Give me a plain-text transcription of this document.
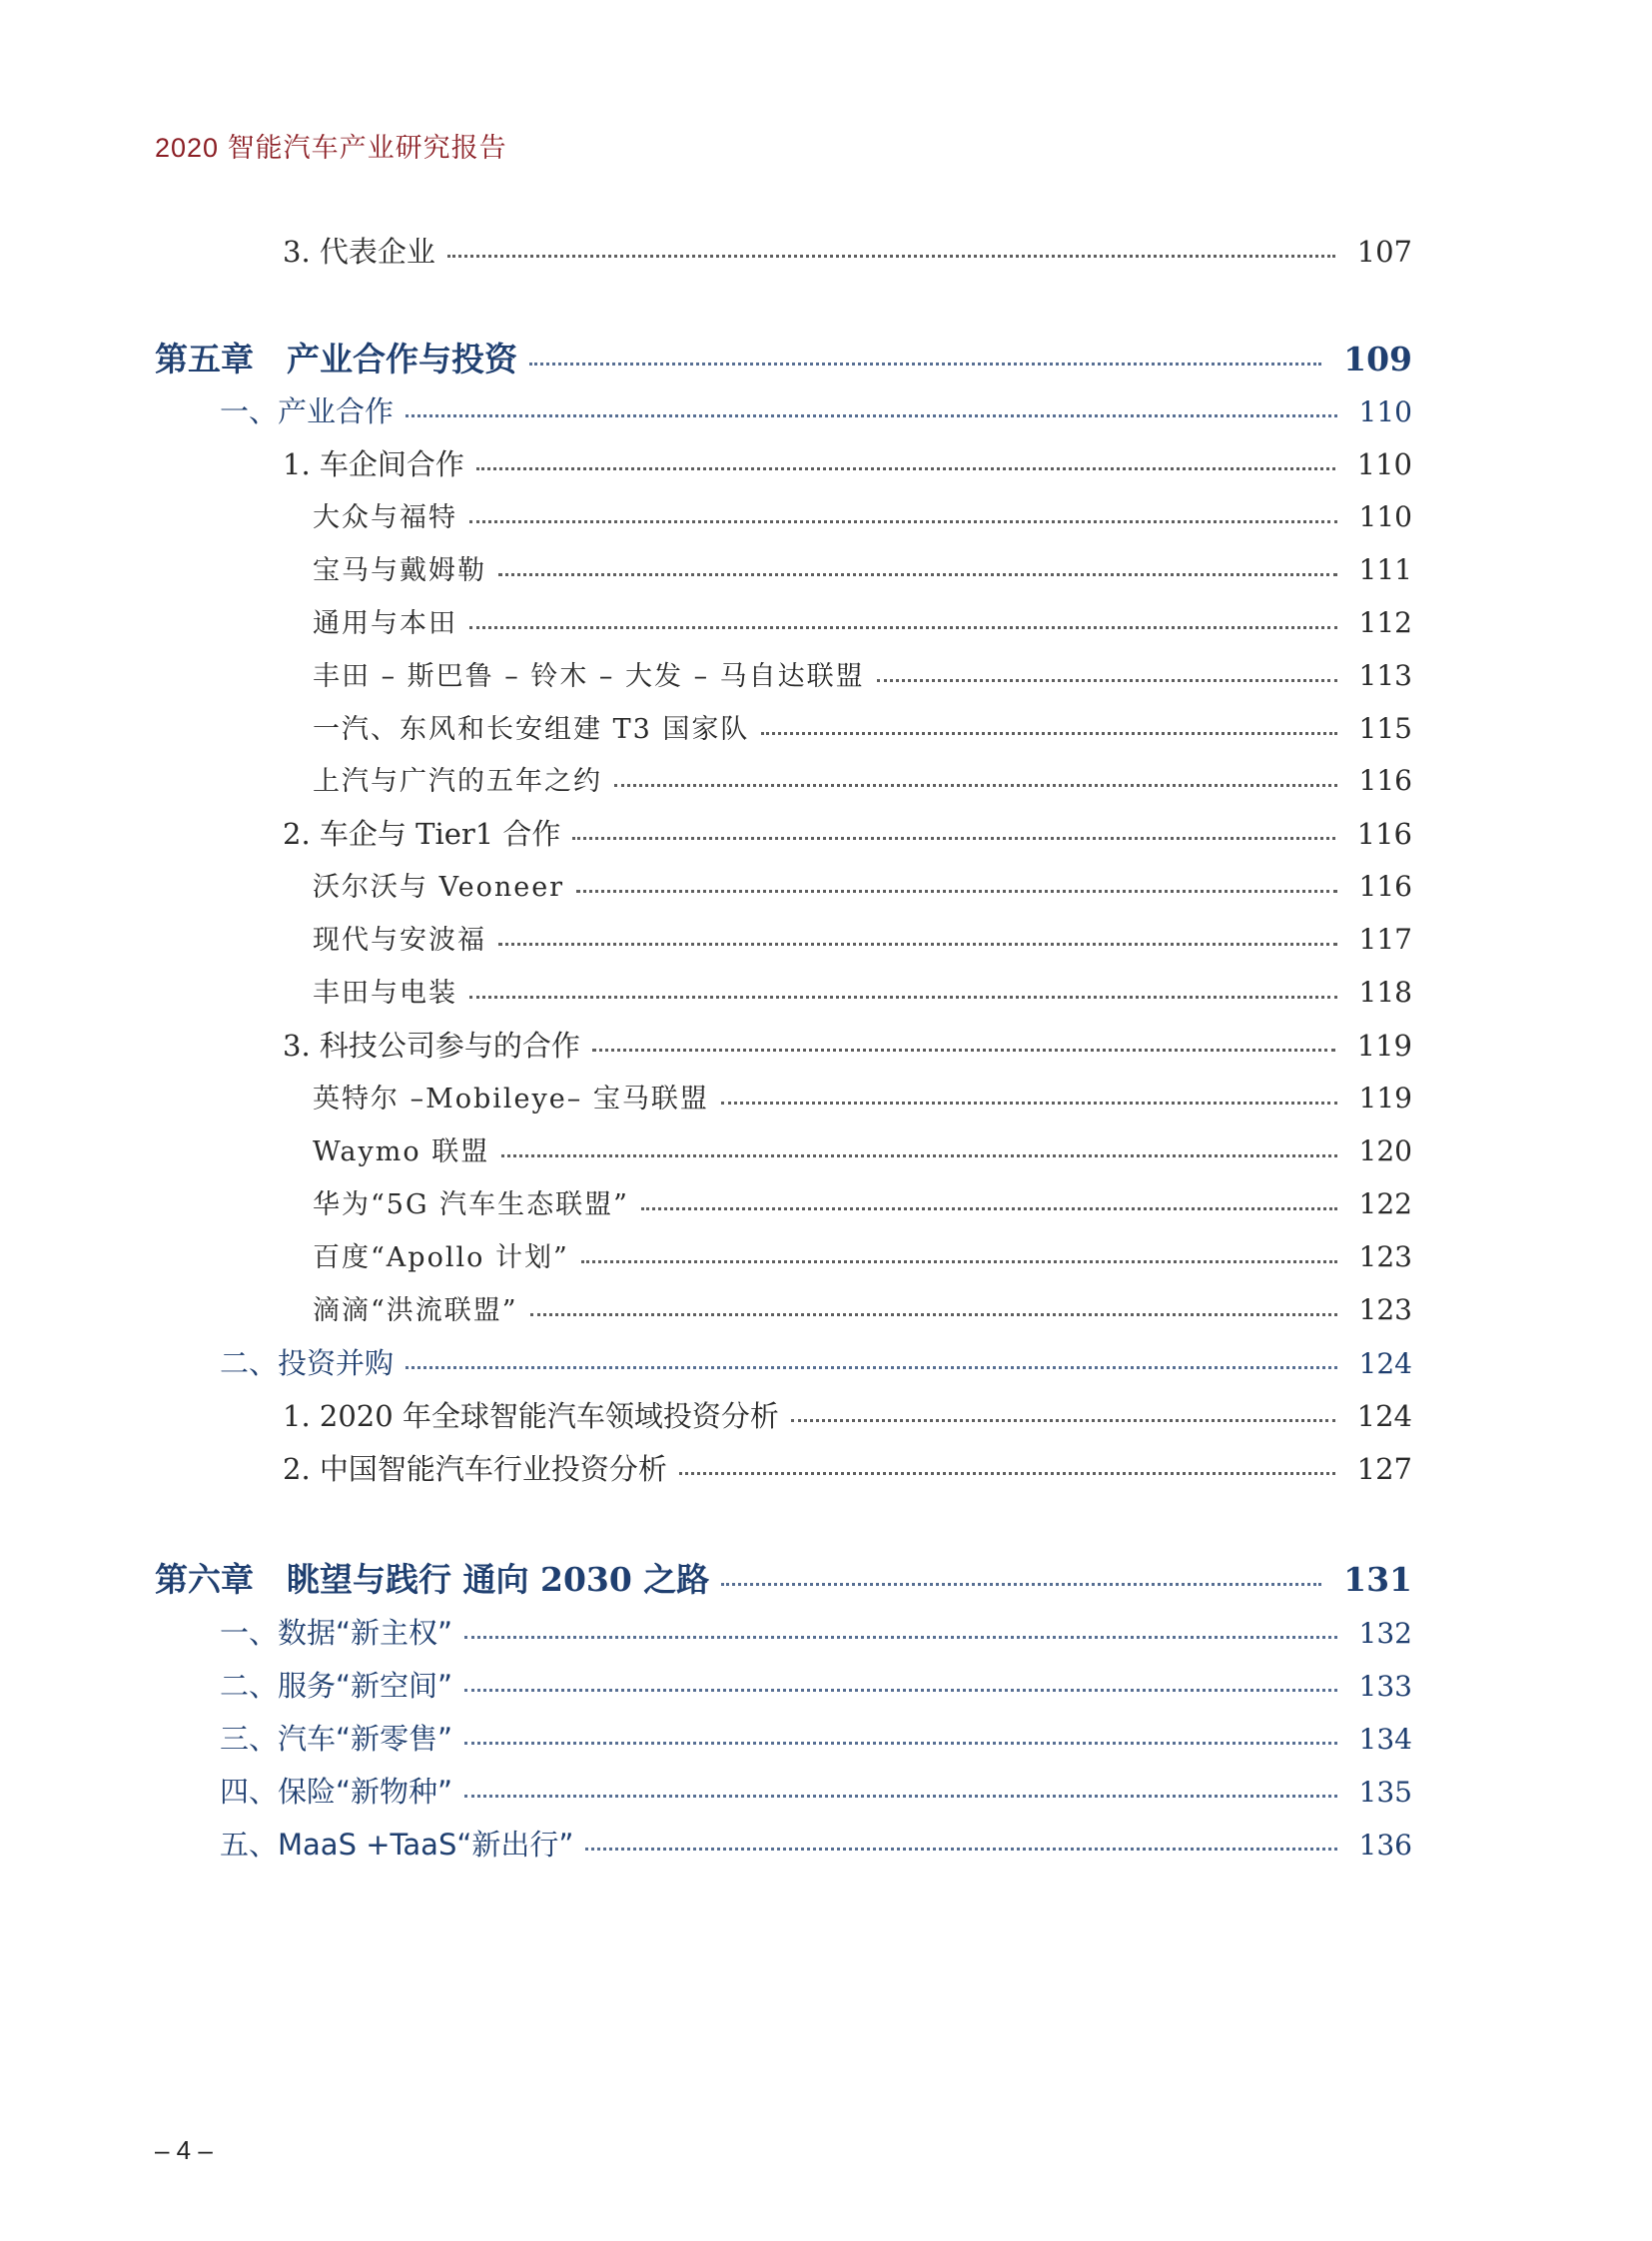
2020 智能汽车产业研究报告
3. 代表企业	107
第五章　产业合作与投资	109
一、产业合作	110
1. 车企间合作	110
大众与福特	110
宝马与戴姆勒	111
通用与本田	112
丰田 – 斯巴鲁 – 铃木 – 大发 – 马自达联盟	113
一汽、东风和长安组建 T3 国家队	115
上汽与广汽的五年之约	116
2. 车企与 Tier1 合作	116
沃尔沃与 Veoneer	116
现代与安波福	117
丰田与电装	118
3. 科技公司参与的合作	119
英特尔 –Mobileye– 宝马联盟	119
Waymo 联盟	120
华为“5G 汽车生态联盟”	122
百度“Apollo 计划”	123
滴滴“洪流联盟”	123
二、投资并购	124
1. 2020 年全球智能汽车领域投资分析	124
2. 中国智能汽车行业投资分析	127
第六章　眺望与践行 通向 2030 之路	131
一、数据“新主权”	132
二、服务“新空间”	133
三、汽车“新零售”	134
四、保险“新物种”	135
五、MaaS +TaaS“新出行”	136
– 4 –
